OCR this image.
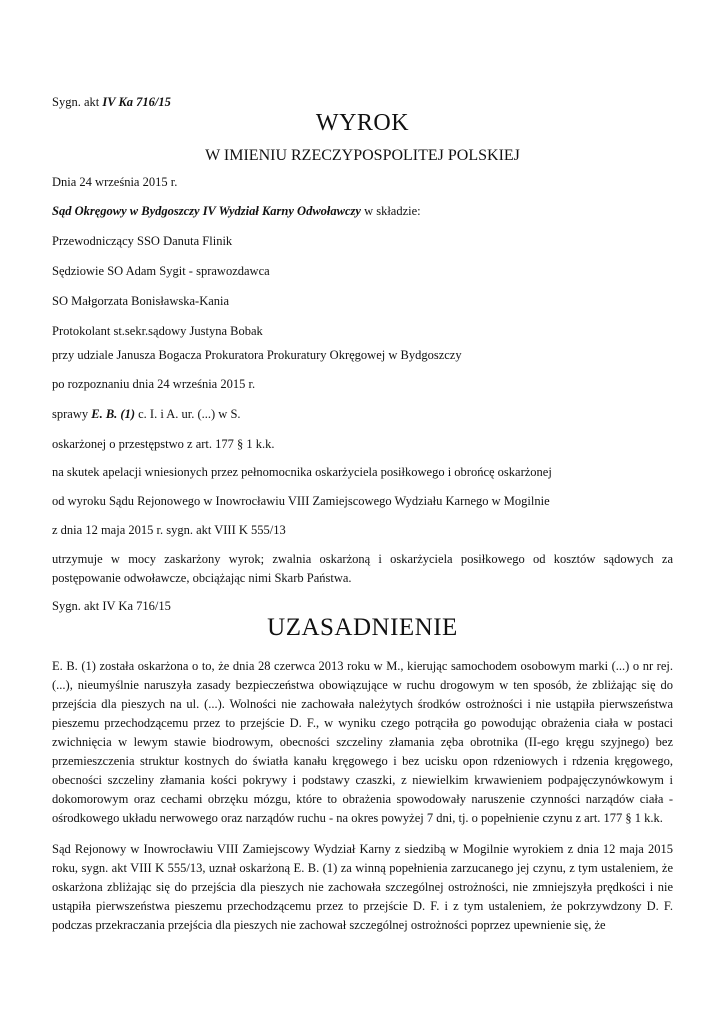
Sygn. akt IV Ka 716/15
WYROK
W IMIENIU RZECZYPOSPOLITEJ POLSKIEJ
Dnia 24 września 2015 r.
Sąd Okręgowy w Bydgoszczy IV Wydział Karny Odwoławczy w składzie:
Przewodniczący SSO Danuta Flinik
Sędziowie SO Adam Sygit - sprawozdawca
SO Małgorzata Bonisławska-Kania
Protokolant st.sekr.sądowy Justyna Bobak
przy udziale Janusza Bogacza Prokuratora Prokuratury Okręgowej w Bydgoszczy
po rozpoznaniu dnia 24 września 2015 r.
sprawy E. B. (1) c. I. i A. ur. (...) w S.
oskarżonej o przestępstwo z art. 177 § 1 k.k.
na skutek apelacji wniesionych przez pełnomocnika oskarżyciela posiłkowego i obrońcę oskarżonej
od wyroku Sądu Rejonowego w Inowrocławiu VIII Zamiejscowego Wydziału Karnego w Mogilnie
z dnia 12 maja 2015 r. sygn. akt VIII K 555/13
utrzymuje w mocy zaskarżony wyrok; zwalnia oskarżoną i oskarżyciela posiłkowego od kosztów sądowych za postępowanie odwoławcze, obciążając nimi Skarb Państwa.
Sygn. akt IV Ka 716/15
UZASADNIENIE
E. B. (1) została oskarżona o to, że dnia 28 czerwca 2013 roku w M., kierując samochodem osobowym marki (...) o nr rej. (...), nieumyślnie naruszyła zasady bezpieczeństwa obowiązujące w ruchu drogowym w ten sposób, że zbliżając się do przejścia dla pieszych na ul. (...). Wolności nie zachowała należytych środków ostrożności i nie ustąpiła pierwszeństwa pieszemu przechodzącemu przez to przejście D. F., w wyniku czego potrąciła go powodując obrażenia ciała w postaci zwichnięcia w lewym stawie biodrowym, obecności szczeliny złamania zęba obrotnika (II-ego kręgu szyjnego) bez przemieszczenia struktur kostnych do światła kanału kręgowego i bez ucisku opon rdzeniowych i rdzenia kręgowego, obecności szczeliny złamania kości pokrywy i podstawy czaszki, z niewielkim krwawieniem podpajęczynówkowym i dokomorowym oraz cechami obrzęku mózgu, które to obrażenia spowodowały naruszenie czynności narządów ciała - ośrodkowego układu nerwowego oraz narządów ruchu - na okres powyżej 7 dni, tj. o popełnienie czynu z art. 177 § 1 k.k.
Sąd Rejonowy w Inowrocławiu VIII Zamiejscowy Wydział Karny z siedzibą w Mogilnie wyrokiem z dnia 12 maja 2015 roku, sygn. akt VIII K 555/13, uznał oskarżoną E. B. (1) za winną popełnienia zarzucanego jej czynu, z tym ustaleniem, że oskarżona zbliżając się do przejścia dla pieszych nie zachowała szczególnej ostrożności, nie zmniejszyła prędkości i nie ustąpiła pierwszeństwa pieszemu przechodzącemu przez to przejście D. F. i z tym ustaleniem, że pokrzywdzony D. F. podczas przekraczania przejścia dla pieszych nie zachował szczególnej ostrożności poprzez upewnienie się, że
